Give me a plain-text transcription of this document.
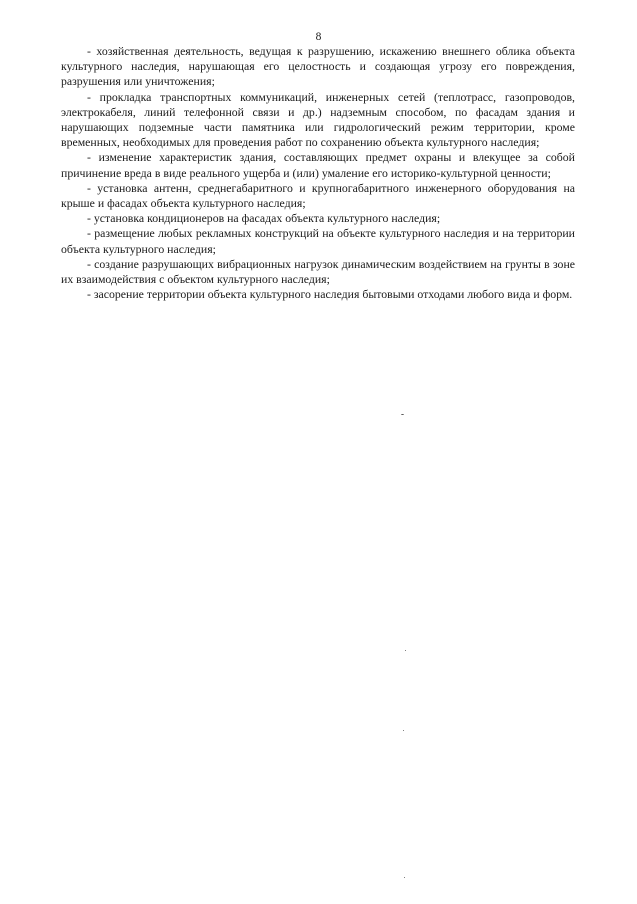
8

- хозяйственная деятельность, ведущая к разрушению, искажению внешнего облика объекта культурного наследия, нарушающая его целостность и создающая угрозу его повреждения, разрушения или уничтожения;

- прокладка транспортных коммуникаций, инженерных сетей (теплотрасс, газопроводов, электрокабеля, линий телефонной связи и др.) надземным способом, по фасадам здания и нарушающих подземные части памятника или гидрологический режим территории, кроме временных, необходимых для проведения работ по сохранению объекта культурного наследия;

- изменение характеристик здания, составляющих предмет охраны и влекущее за собой причинение вреда в виде реального ущерба и (или) умаление его историко-культурной ценности;

- установка антенн, среднегабаритного и крупногабаритного инженерного оборудования на крыше и фасадах объекта культурного наследия;

- установка кондиционеров на фасадах объекта культурного наследия;

- размещение любых рекламных конструкций на объекте культурного наследия и на территории объекта культурного наследия;

- создание разрушающих вибрационных нагрузок динамическим воздействием на грунты в зоне их взаимодействия с объектом культурного наследия;

- засорение территории объекта культурного наследия бытовыми отходами любого вида и форм.
